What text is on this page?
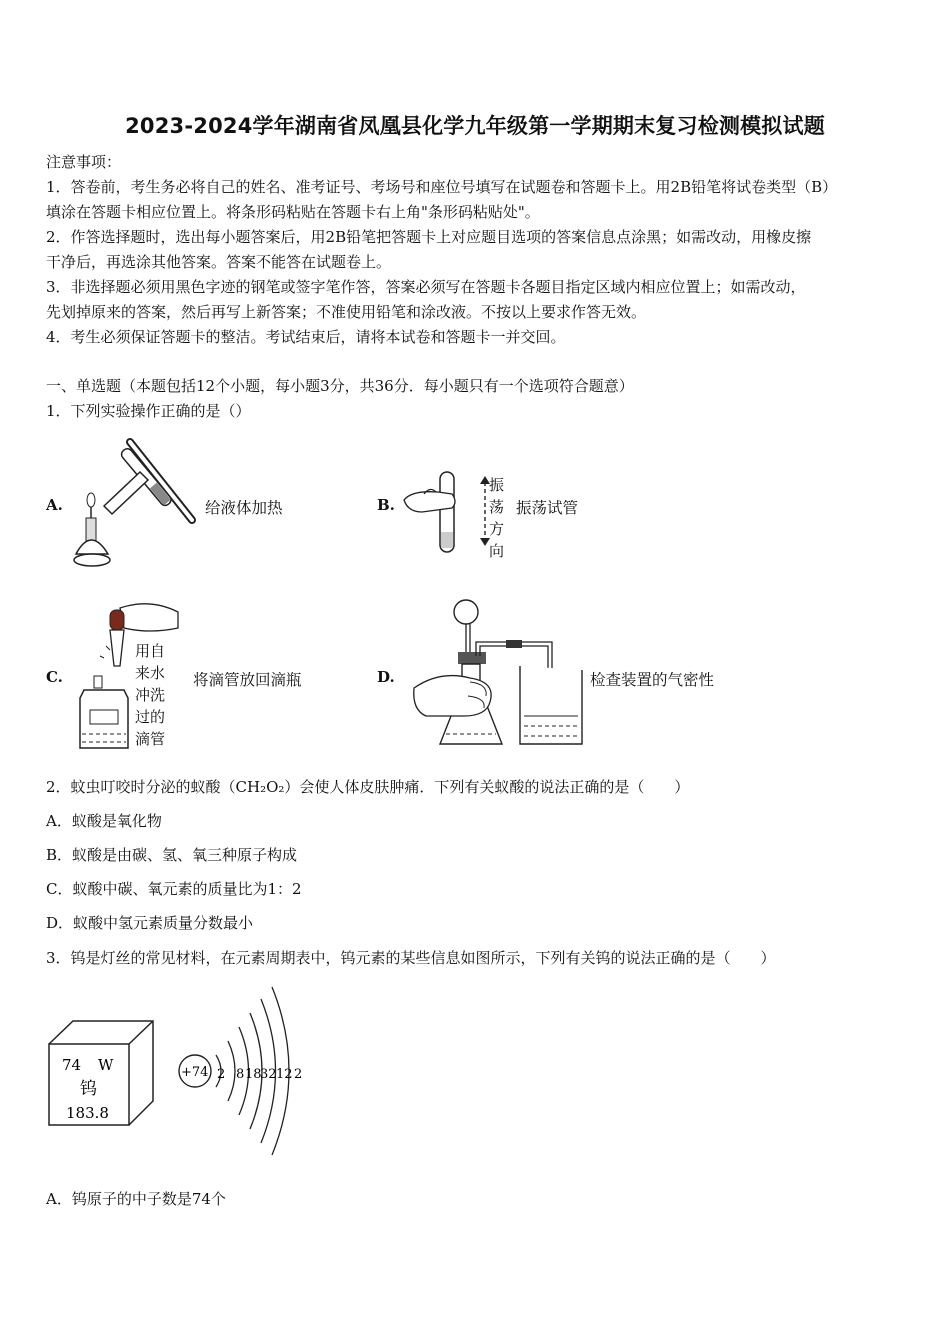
2023-2024学年湖南省凤凰县化学九年级第一学期期末复习检测模拟试题

注意事项：

1．答卷前，考生务必将自己的姓名、准考证号、考场号和座位号填写在试题卷和答题卡上。用2B铅笔将试卷类型（B）

填涂在答题卡相应位置上。将条形码粘贴在答题卡右上角"条形码粘贴处"。

2．作答选择题时，选出每小题答案后，用2B铅笔把答题卡上对应题目选项的答案信息点涂黑；如需改动，用橡皮擦

干净后，再选涂其他答案。答案不能答在试题卷上。

3．非选择题必须用黑色字迹的钢笔或签字笔作答，答案必须写在答题卡各题目指定区域内相应位置上；如需改动，

先划掉原来的答案，然后再写上新答案；不准使用铅笔和涂改液。不按以上要求作答无效。

4．考生必须保证答题卡的整洁。考试结束后，请将本试卷和答题卡一并交回。

一、单选题（本题包括12个小题，每小题3分，共36分．每小题只有一个选项符合题意）
1．下列实验操作正确的是（）
A.	给液体加热	B.
振
荡
方
向
振荡试管
C.
用自
来水
冲洗
过的
滴管
将滴管放回滴瓶	D.	检查装置的气密性
2．蚊虫叮咬时分泌的蚁酸（CH₂O₂）会使人体皮肤肿痛．下列有关蚁酸的说法正确的是（　　）
A．蚁酸是氧化物
B．蚁酸是由碳、氢、氧三种原子构成
C．蚁酸中碳、氧元素的质量比为1：2
D．蚁酸中氢元素质量分数最小
3．钨是灯丝的常见材料，在元素周期表中，钨元素的某些信息如图所示，下列有关钨的说法正确的是（　　）
74 W
钨
183.8
+74 2 8 18
32 12 2
A．钨原子的中子数是74个
